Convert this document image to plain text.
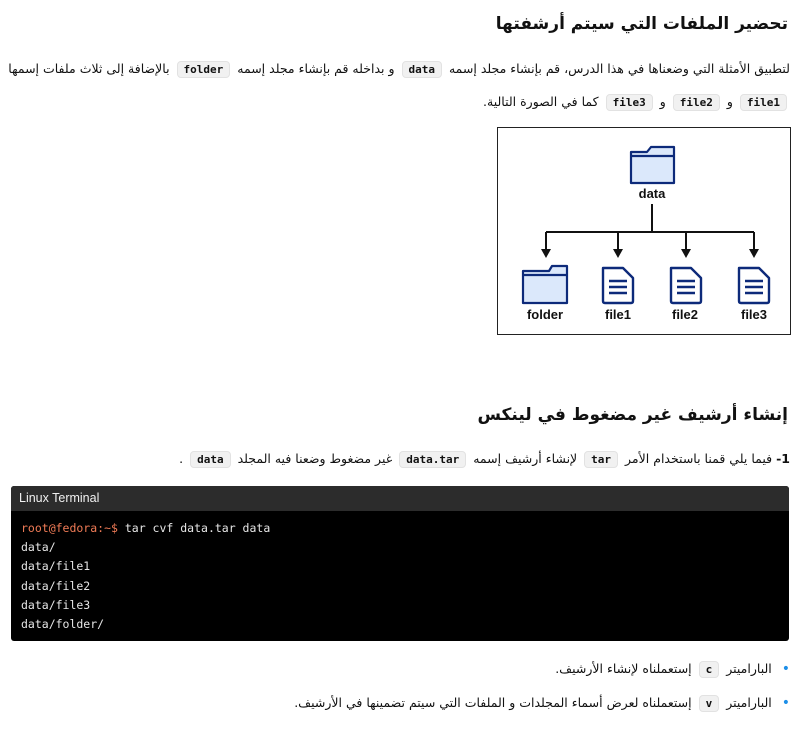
تحضير الملفات التي سيتم أرشفتها
لتطبيق الأمثلة التي وضعناها في هذا الدرس، قم بإنشاء مجلد إسمه data و بداخله قم بإنشاء مجلد إسمه folder بالإضافة إلى ثلاث ملفات إسمها
file1 و file2 و file3 كما في الصورة التالية.
data
folder	file1	file2	file3
إنشاء أرشيف غير مضغوط في لينكس
1- فيما يلي قمنا باستخدام الأمر tar لإنشاء أرشيف إسمه data.tar غير مضغوط وضعنا فيه المجلد data .
Linux Terminal
root@fedora:~$ tar cvf data.tar data
data/
data/file1
data/file2
data/file3
data/folder/
• الباراميتر c إستعملناه لإنشاء الأرشيف.
• الباراميتر v إستعملناه لعرض أسماء المجلدات و الملفات التي سيتم تضمينها في الأرشيف.
